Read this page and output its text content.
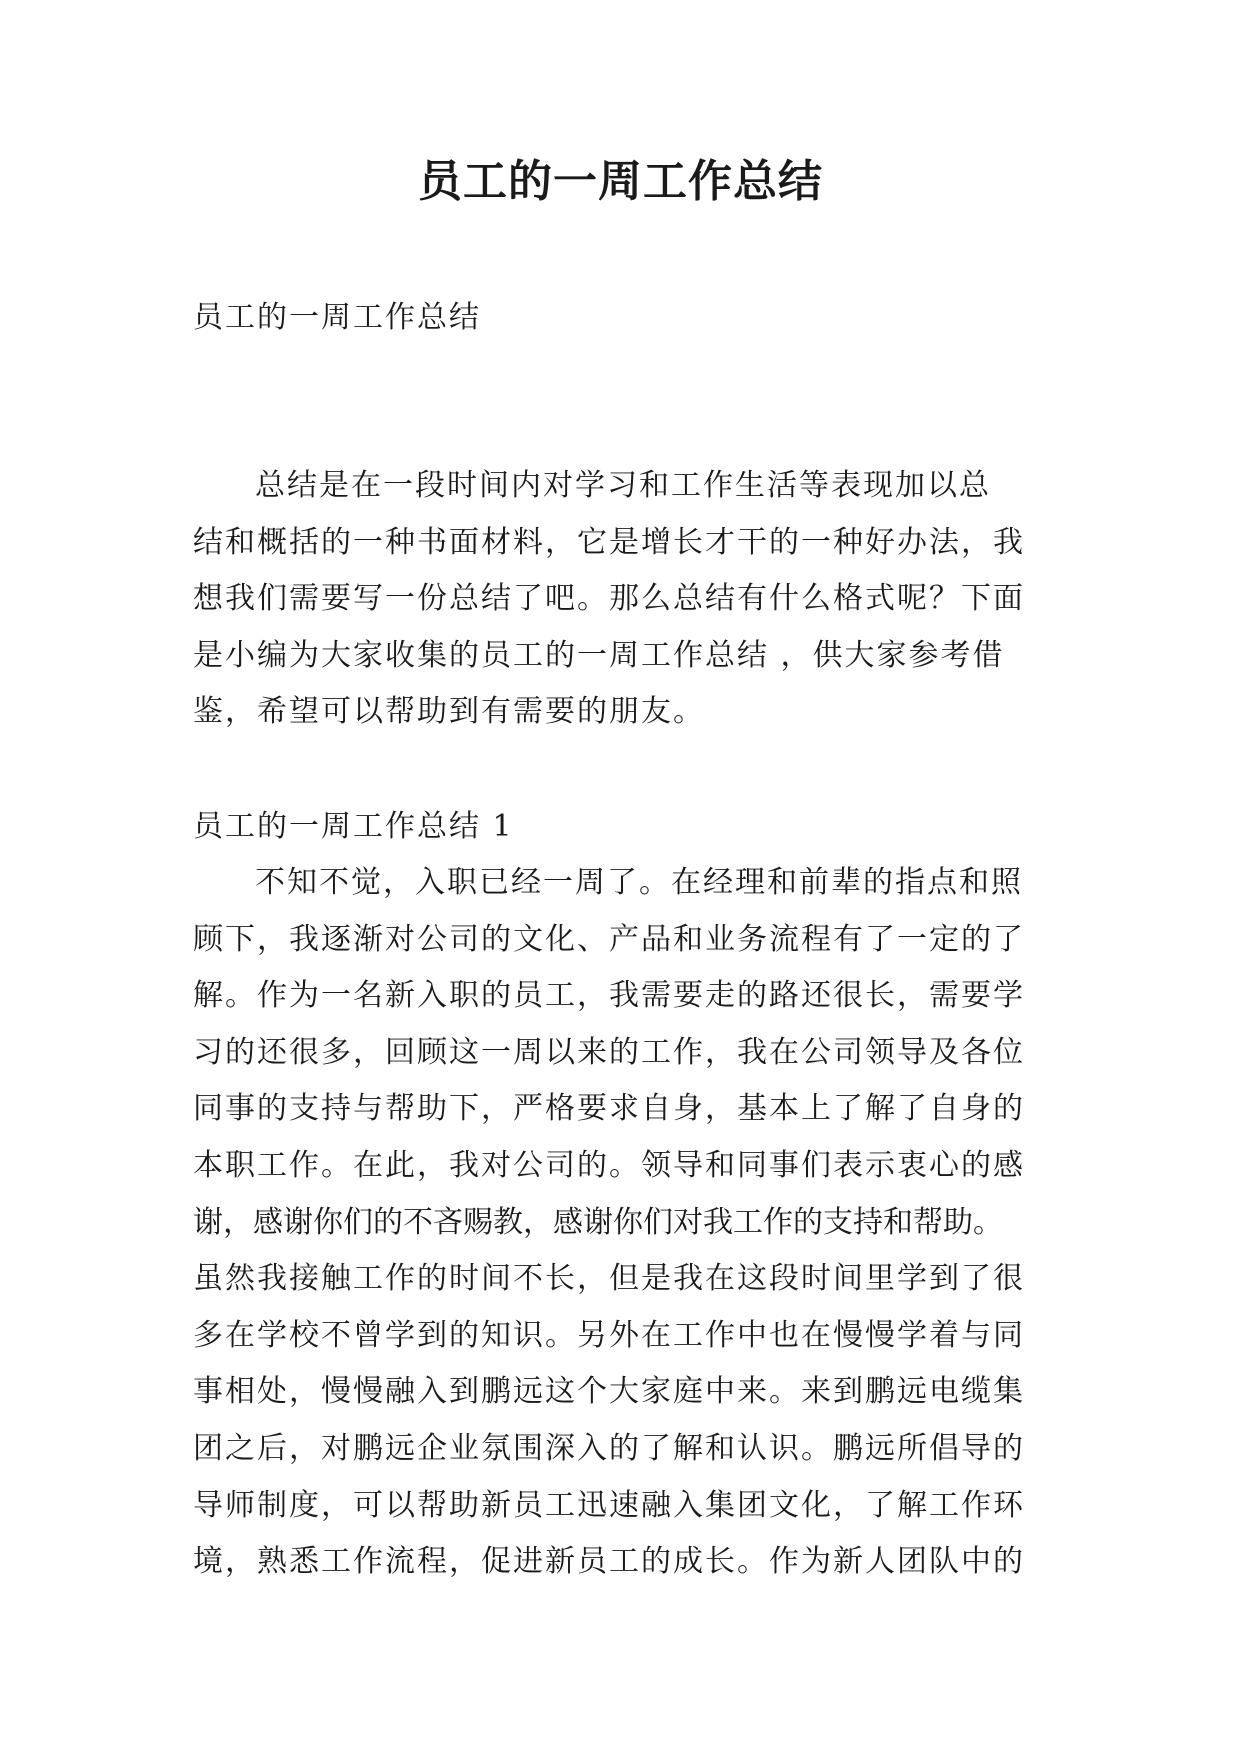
员工的一周工作总结

员工的一周工作总结

总结是在一段时间内对学习和工作生活等表现加以总

结和概括的一种书面材料，它是增长才干的一种好办法，我

想我们需要写一份总结了吧。那么总结有什么格式呢？下面

是小编为大家收集的员工的一周工作总结 ，供大家参考借

鉴，希望可以帮助到有需要的朋友。

员工的一周工作总结 1

不知不觉，入职已经一周了。在经理和前辈的指点和照

顾下，我逐渐对公司的文化、产品和业务流程有了一定的了

解。作为一名新入职的员工，我需要走的路还很长，需要学

习的还很多，回顾这一周以来的工作，我在公司领导及各位

同事的支持与帮助下，严格要求自身，基本上了解了自身的

本职工作。在此，我对公司的。领导和同事们表示衷心的感

谢，感谢你们的不吝赐教，感谢你们对我工作的支持和帮助。

虽然我接触工作的时间不长，但是我在这段时间里学到了很

多在学校不曾学到的知识。另外在工作中也在慢慢学着与同

事相处，慢慢融入到鹏远这个大家庭中来。来到鹏远电缆集

团之后，对鹏远企业氛围深入的了解和认识。鹏远所倡导的

导师制度，可以帮助新员工迅速融入集团文化，了解工作环

境，熟悉工作流程，促进新员工的成长。作为新人团队中的
